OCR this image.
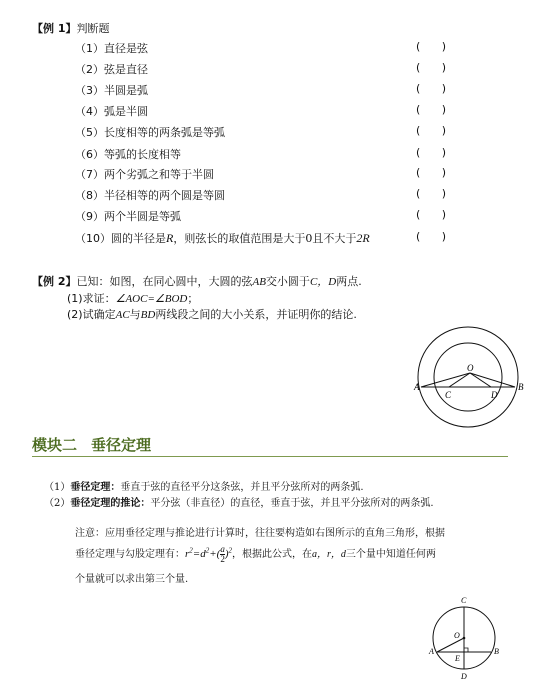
【例 1】判断题
（1）直径是弦	( )
（2）弦是直径	( )
（3）半圆是弧	( )
（4）弧是半圆	( )
（5）长度相等的两条弧是等弧	( )
（6）等弧的长度相等	( )
（7）两个劣弧之和等于半圆	( )
（8）半径相等的两个圆是等圆	( )
（9）两个半圆是等弧	( )
（10）圆的半径是R，则弦长的取值范围是大于0且不大于2R	( )
【例 2】已知：如图，在同心圆中，大圆的弦AB交小圆于C，D两点.
(1)求证：∠AOC=∠BOD；
(2)试确定AC与BD两线段之间的大小关系，并证明你的结论.
A	B
C	D
O
模块二 垂径定理
（1）垂径定理：垂直于弦的直径平分这条弦，并且平分弦所对的两条弧.
（2）垂径定理的推论：平分弦（非直径）的直径，垂直于弦，并且平分弦所对的两条弧.
注意：应用垂径定理与推论进行计算时，往往要构造如右图所示的直角三角形，根据
垂径定理与勾股定理有：$r^2=d^2+( \frac{a}{2} )^2$，根据此公式，在a，r，d三个量中知道任何两
个量就可以求出第三个量.
C
O
A	B
E
D
